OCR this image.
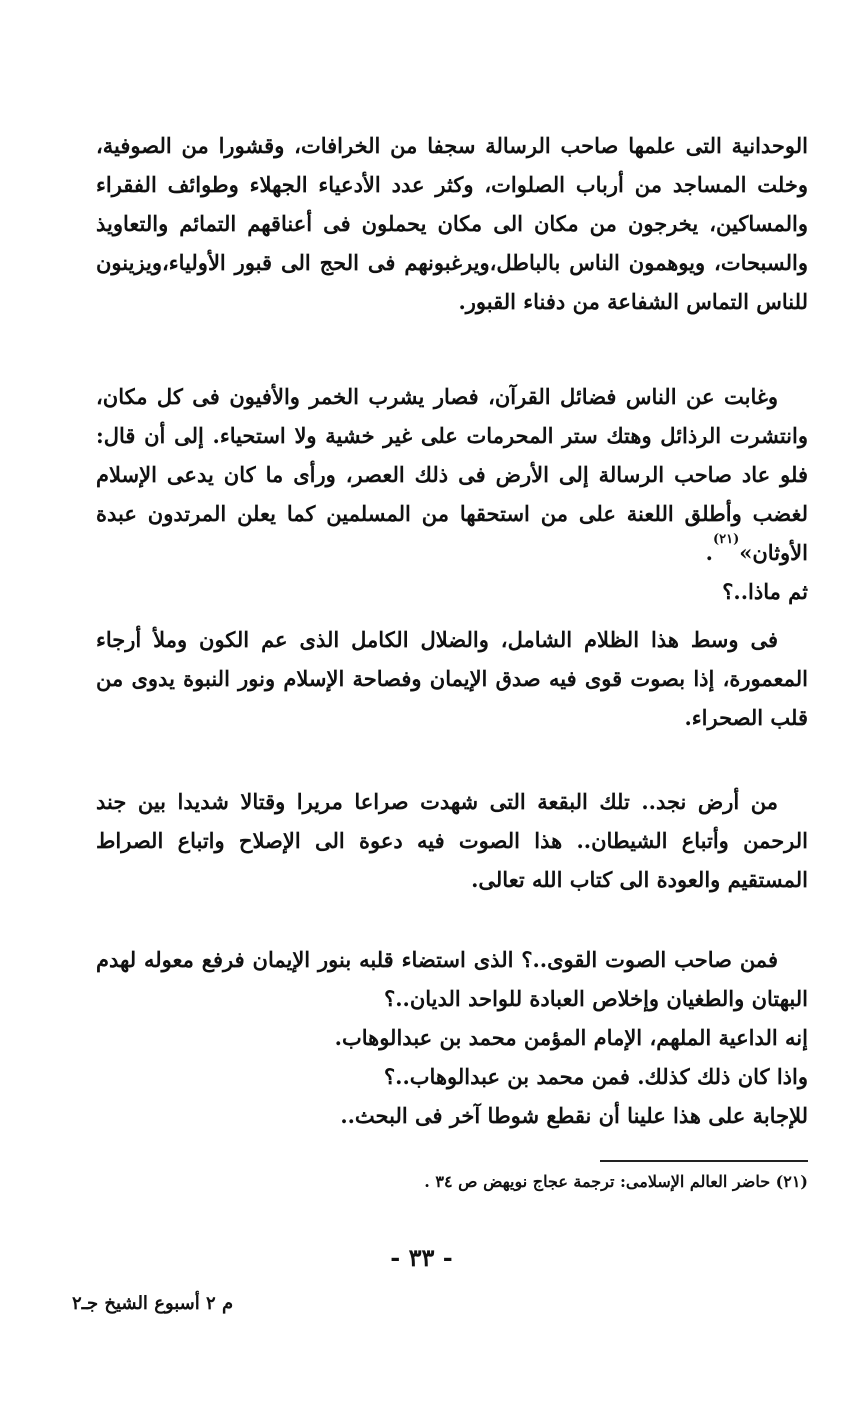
الوحدانية التى علمها صاحب الرسالة سجفا من الخرافات، وقشورا من الصوفية، وخلت المساجد من أرباب الصلوات، وكثر عدد الأدعياء الجهلاء وطوائف الفقراء والمساكين، يخرجون من مكان الى مكان يحملون فى أعناقهم التمائم والتعاويذ والسبحات، ويوهمون الناس بالباطل،ويرغبونهم فى الحج الى قبور الأولياء،ويزينون للناس التماس الشفاعة من دفناء القبور.

وغابت عن الناس فضائل القرآن، فصار يشرب الخمر والأفيون فى كل مكان، وانتشرت الرذائل وهتك ستر المحرمات على غير خشية ولا استحياء. إلى أن قال: فلو عاد صاحب الرسالة إلى الأرض فى ذلك العصر، ورأى ما كان يدعى الإسلام لغضب وأطلق اللعنة على من استحقها من المسلمين كما يعلن المرتدون عبدة الأوثان»$^{(٢١)}$.

ثم ماذا..؟

فى وسط هذا الظلام الشامل، والضلال الكامل الذى عم الكون وملأ أرجاء المعمورة، إذا بصوت قوى فيه صدق الإيمان وفصاحة الإسلام ونور النبوة يدوى من قلب الصحراء.

من أرض نجد.. تلك البقعة التى شهدت صراعا مريرا وقتالا شديدا بين جند الرحمن وأتباع الشيطان.. هذا الصوت فيه دعوة الى الإصلاح واتباع الصراط المستقيم والعودة الى كتاب الله تعالى.

فمن صاحب الصوت القوى..؟ الذى استضاء قلبه بنور الإيمان فرفع معوله لهدم البهتان والطغيان وإخلاص العبادة للواحد الديان..؟

إنه الداعية الملهم، الإمام المؤمن محمد بن عبدالوهاب.

واذا كان ذلك كذلك. فمن محمد بن عبدالوهاب..؟

للإجابة على هذا علينا أن نقطع شوطا آخر فى البحث..

(٢١) حاضر العالم الإسلامى: ترجمة عجاج نويهض ص ٣٤ .
- ٣٣ -
م ٢ أسبوع الشيخ جـ٢
